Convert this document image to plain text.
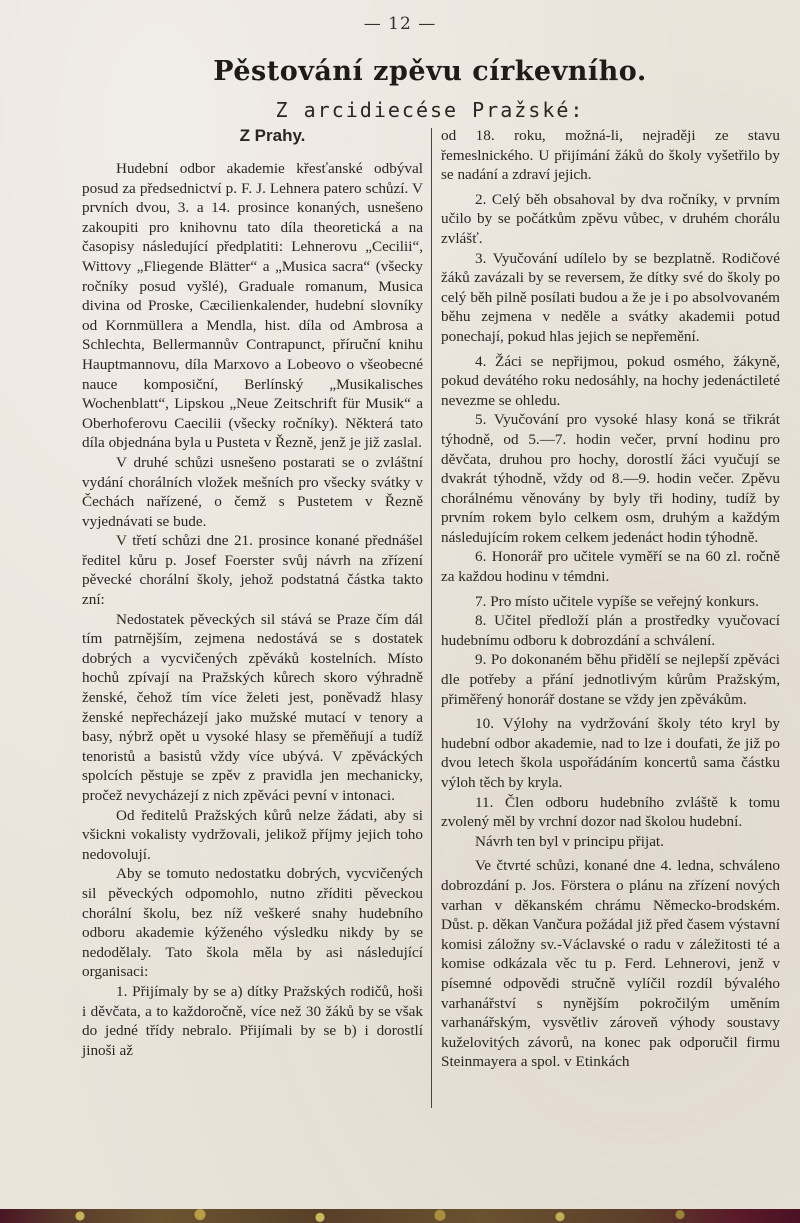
— 12 —
Pěstování zpěvu církevního.
Z arcidiecése Pražské:
Z Prahy.

Hudební odbor akademie křesťanské odbýval posud za předsednictví p. F. J. Lehnera patero schůzí. V prvních dvou, 3. a 14. prosince konaných, usnešeno zakoupiti pro knihovnu tato díla theoretická a na časopisy následující předplatiti: Lehnerovu „Cecilii“, Wittovy „Fliegende Blätter“ a „Musica sacra“ (všecky ročníky posud vyšlé), Graduale romanum, Musica divina od Proske, Cæcilienkalender, hudební slovníky od Kornmüllera a Mendla, hist. díla od Ambrosa a Schlechta, Bellermannův Contrapunct, příruční knihu Hauptmannovu, díla Marxovo a Lobeovo o všeobecné nauce komposiční, Berlínský „Musikalisches Wochenblatt“, Lipskou „Neue Zeitschrift für Musik“ a Oberhoferovu Caecilii (všecky ročníky). Některá tato díla objednána byla u Pusteta v Řezně, jenž je již zaslal.

V druhé schůzi usnešeno postarati se o zvláštní vydání chorálních vložek mešních pro všecky svátky v Čechách nařízené, o čemž s Pustetem v Řezně vyjednávati se bude.

V třetí schůzi dne 21. prosince konané přednášel ředitel kůru p. Josef Foerster svůj návrh na zřízení pěvecké chorální školy, jehož podstatná částka takto zní:

Nedostatek pěveckých sil stává se Praze čím dál tím patrnějším, zejmena nedostává se s dostatek dobrých a vycvičených zpěváků kostelních. Místo hochů zpívají na Pražských kůrech skoro výhradně ženské, čehož tím více želeti jest, poněvadž hlasy ženské nepřecházejí jako mužské mutací v tenory a basy, nýbrž opět u vysoké hlasy se přeměňují a tudíž tenoristů a basistů vždy více ubývá. V zpěváckých spolcích pěstuje se zpěv z pravidla jen mechanicky, pročež nevycházejí z nich zpěváci pevní v intonaci.

Od ředitelů Pražských kůrů nelze žádati, aby si všickni vokalisty vydržovali, jelikož příjmy jejich toho nedovolují.

Aby se tomuto nedostatku dobrých, vycvičených sil pěveckých odpomohlo, nutno zříditi pěveckou chorální školu, bez níž veškeré snahy hudebního odboru akademie kýženého výsledku nikdy by se nedodělaly. Tato škola měla by asi následující organisaci:

1. Přijímaly by se a) dítky Pražských rodičů, hoši i děvčata, a to každoročně, více než 30 žáků by se však do jedné třídy nebralo. Přijímali by se b) i dorostlí jinoši až

od 18. roku, možná-li, nejraději ze stavu řemeslnického. U přijímání žáků do školy vyšetřilo by se nadání a zdraví jejich.

2. Celý běh obsahoval by dva ročníky, v prvním učilo by se počátkům zpěvu vůbec, v druhém chorálu zvlášť.

3. Vyučování udílelo by se bezplatně. Rodičové žáků zavázali by se reversem, že dítky své do školy po celý běh pilně posílati budou a že je i po absolvovaném běhu zejmena v neděle a svátky akademii potud ponechají, pokud hlas jejich se nepřemění.

4. Žáci se nepřijmou, pokud osmého, žákyně, pokud devátého roku nedosáhly, na hochy jedenáctileté nevezme se ohledu.

5. Vyučování pro vysoké hlasy koná se třikrát týhodně, od 5.—7. hodin večer, první hodinu pro děvčata, druhou pro hochy, dorostlí žáci vyučují se dvakrát týhodně, vždy od 8.—9. hodin večer. Zpěvu chorálnému věnovány by byly tři hodiny, tudíž by prvním rokem bylo celkem osm, druhým a každým následujícím rokem celkem jedenáct hodin týhodně.

6. Honorář pro učitele vyměří se na 60 zl. ročně za každou hodinu v témdni.

7. Pro místo učitele vypíše se veřejný konkurs.

8. Učitel předloží plán a prostředky vyučovací hudebnímu odboru k dobrozdání a schválení.

9. Po dokonaném běhu přidělí se nejlepší zpěváci dle potřeby a přání jednotlivým kůrům Pražským, přiměřený honorář dostane se vždy jen zpěvákům.

10. Výlohy na vydržování školy této kryl by hudební odbor akademie, nad to lze i doufati, že již po dvou letech škola uspořádáním koncertů sama částku výloh těch by kryla.

11. Člen odboru hudebního zvláště k tomu zvolený měl by vrchní dozor nad školou hudební.

Návrh ten byl v principu přijat.

Ve čtvrté schůzi, konané dne 4. ledna, schváleno dobrozdání p. Jos. Förstera o plánu na zřízení nových varhan v děkanském chrámu Německo-brodském. Důst. p. děkan Vančura požádal již před časem výstavní komisi záložny sv.-Václavské o radu v záležitosti té a komise odkázala věc tu p. Ferd. Lehnerovi, jenž v písemné odpovědi stručně vylíčil rozdíl bývalého varhanářství s nynějším pokročilým uměním varhanářským, vysvětliv zároveň výhody soustavy kuželovitých závorů, na konec pak odporučil firmu Steinmayera a spol. v Etinkách
